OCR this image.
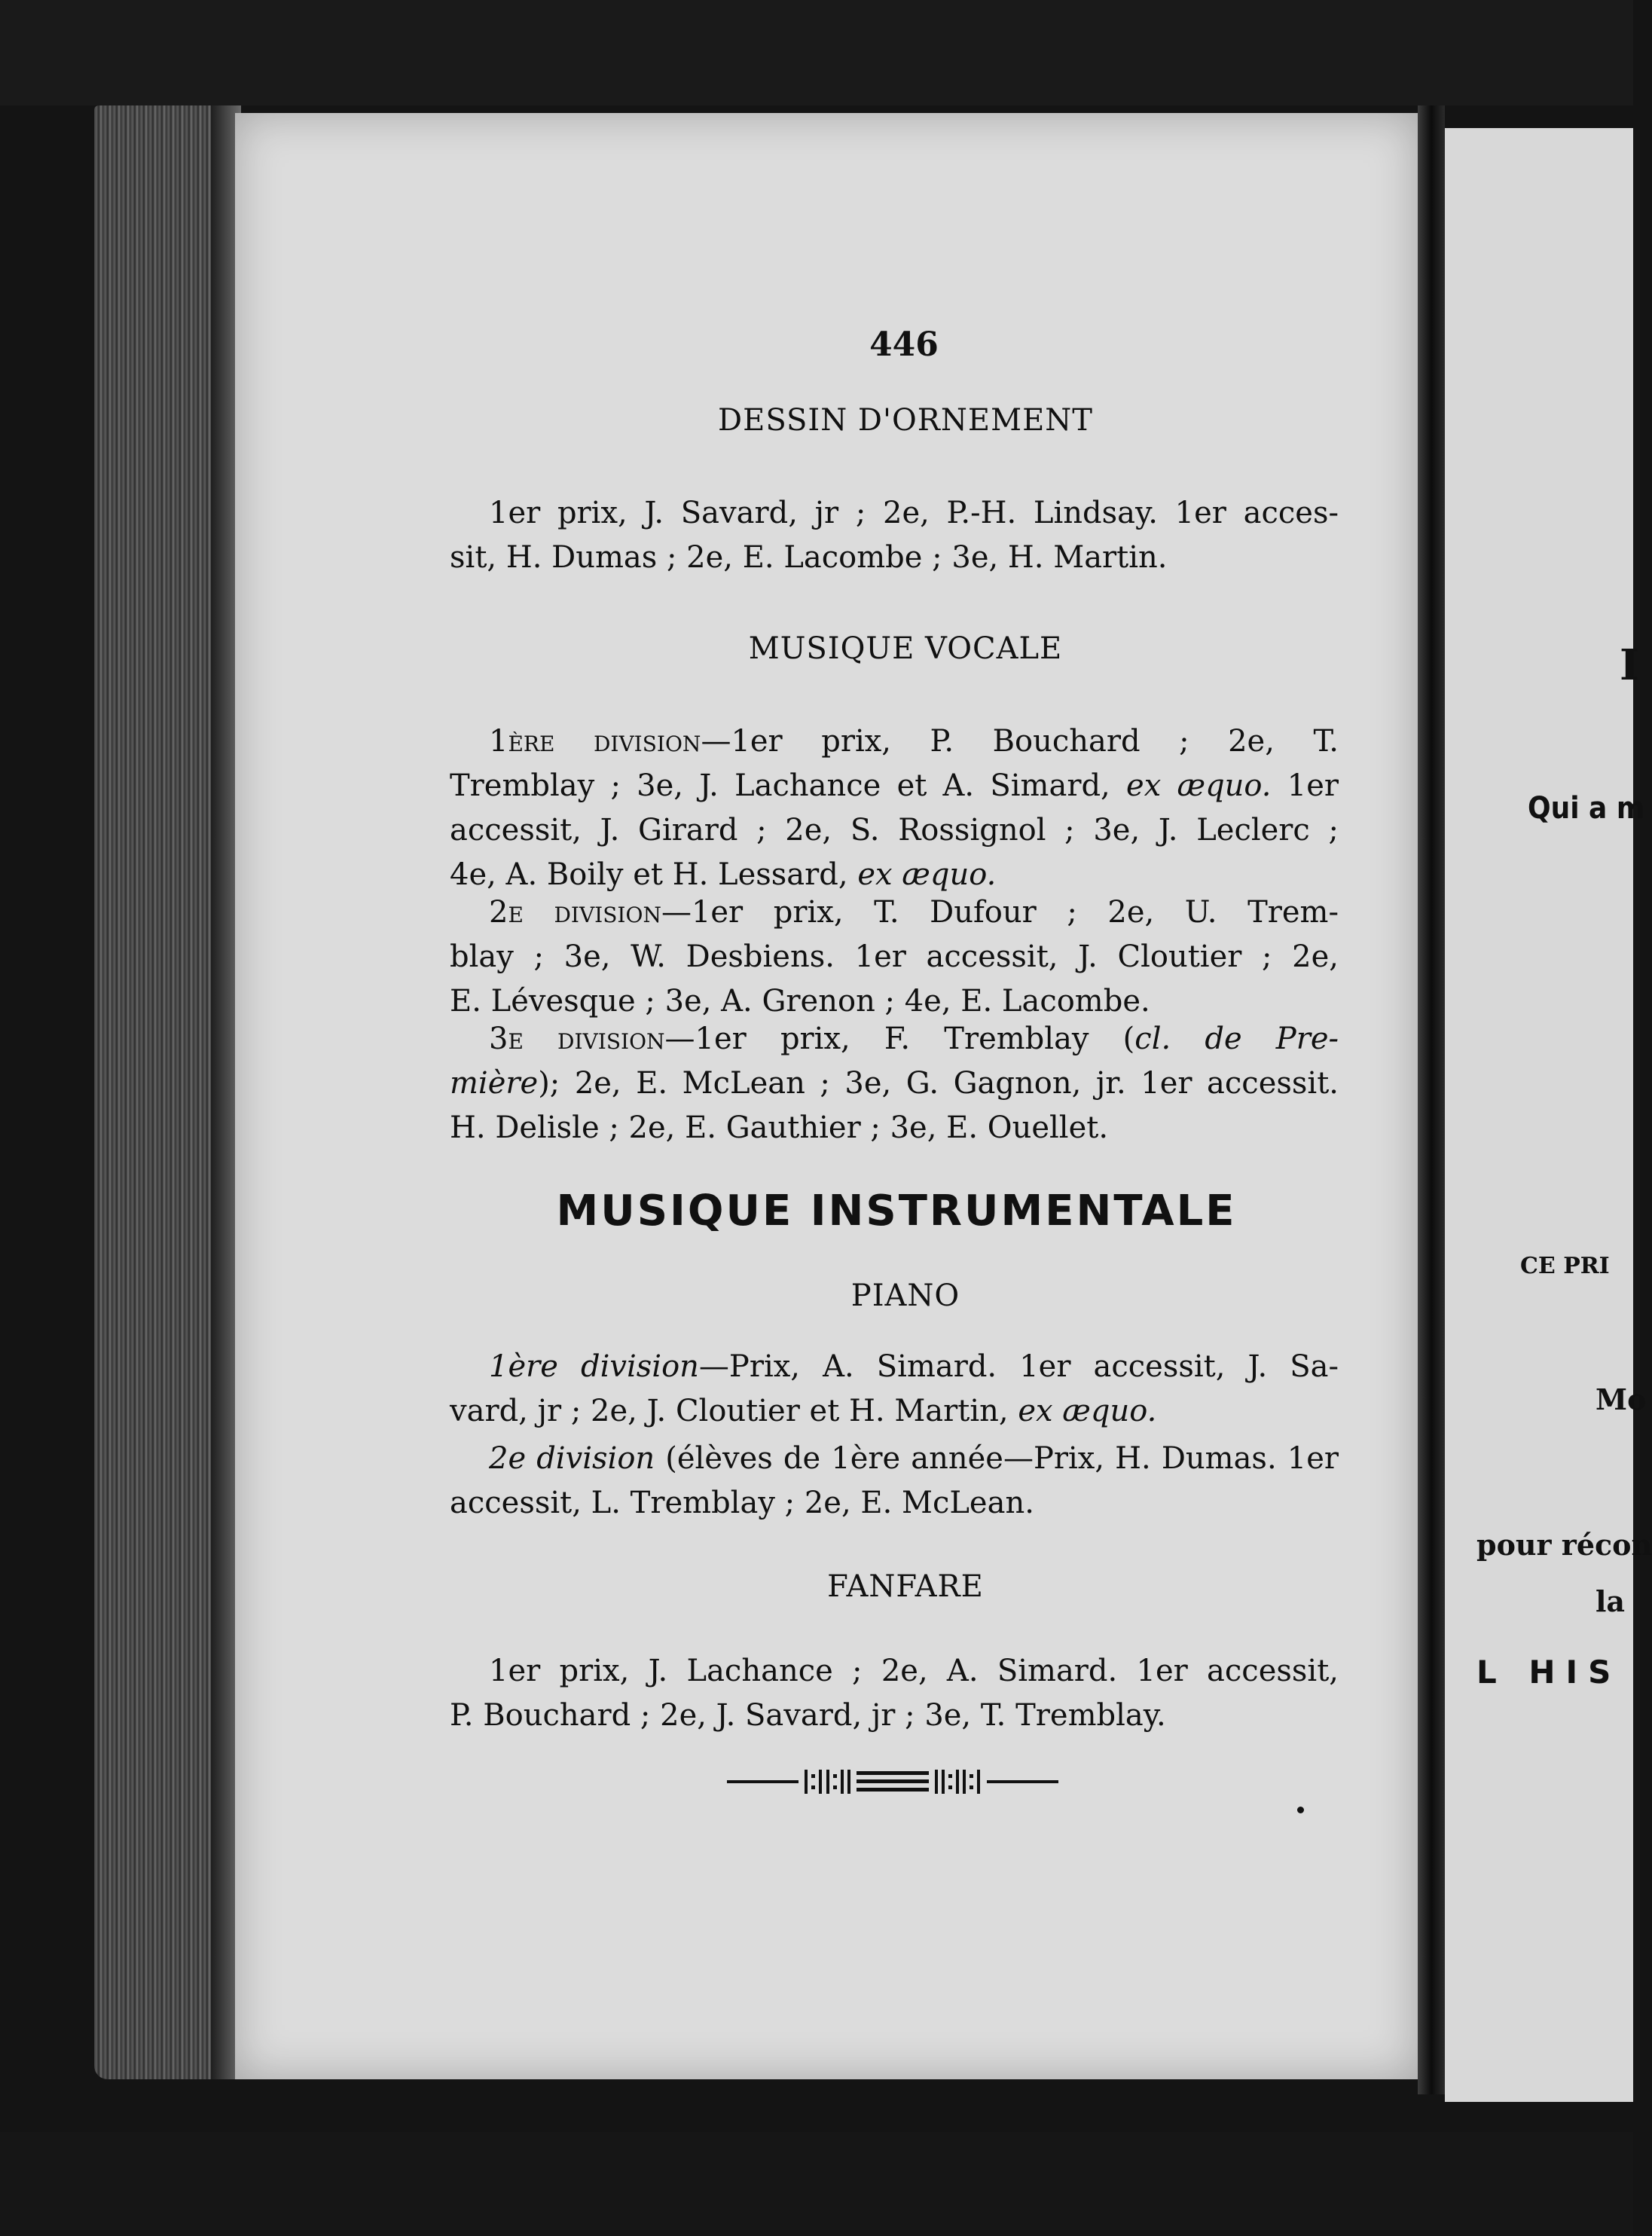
446
DESSIN D'ORNEMENT
1er prix, J. Savard, jr ; 2e, P.-H. Lindsay. 1er acces-
sit, H. Dumas ; 2e, E. Lacombe ; 3e, H. Martin.
MUSIQUE VOCALE
1ère division—1er prix, P. Bouchard ; 2e, T.
Tremblay ; 3e, J. Lachance et A. Simard, ex æquo. 1er
accessit, J. Girard ; 2e, S. Rossignol ; 3e, J. Leclerc ;
4e, A. Boily et H. Lessard, ex æquo.
2e division—1er prix, T. Dufour ; 2e, U. Trem-
blay ; 3e, W. Desbiens. 1er accessit, J. Cloutier ; 2e,
E. Lévesque ; 3e, A. Grenon ; 4e, E. Lacombe.
3e division—1er prix, F. Tremblay (cl. de Pre-
mière); 2e, E. McLean ; 3e, G. Gagnon, jr. 1er accessit.
H. Delisle ; 2e, E. Gauthier ; 3e, E. Ouellet.
MUSIQUE INSTRUMENTALE
PIANO
1ère division—Prix, A. Simard. 1er accessit, J. Sa-
vard, jr ; 2e, J. Cloutier et H. Martin, ex æquo.
2e division (élèves de 1ère année—Prix, H. Dumas. 1er
accessit, L. Tremblay ; 2e, E. McLean.
FANFARE
1er prix, J. Lachance ; 2e, A. Simard. 1er accessit,
P. Bouchard ; 2e, J. Savard, jr ; 3e, T. Tremblay.
I
Qui a m
CE PRI
Mo
pour récon
la
L HIS
